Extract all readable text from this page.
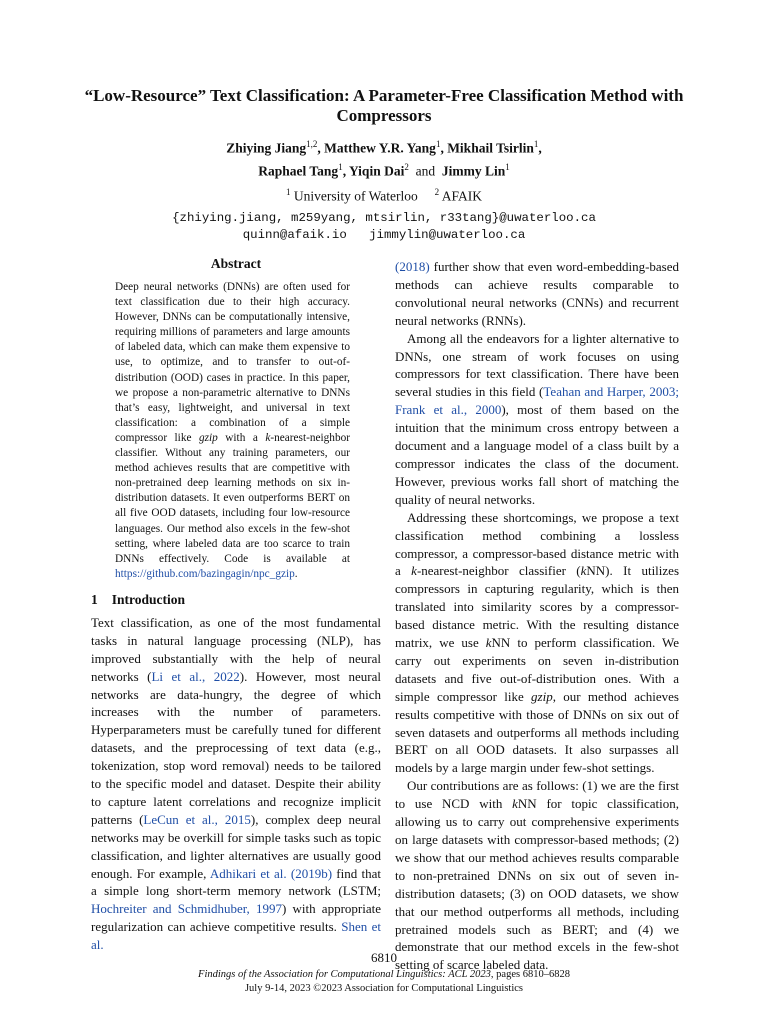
“Low-Resource” Text Classification: A Parameter-Free Classification Method with Compressors
Zhiying Jiang$^{1,2}$, Matthew Y.R. Yang$^1$, Mikhail Tsirlin$^1$,
Raphael Tang$^1$, Yiqin Dai$^2$ and Jimmy Lin$^1$
$^1$ University of Waterloo $^2$ AFAIK
{zhiying.jiang, m259yang, mtsirlin, r33tang}@uwaterloo.ca
quinn@afaik.io jimmylin@uwaterloo.ca
Abstract

Deep neural networks (DNNs) are often used for text classification due to their high accuracy. However, DNNs can be computationally intensive, requiring millions of parameters and large amounts of labeled data, which can make them expensive to use, to optimize, and to transfer to out-of-distribution (OOD) cases in practice. In this paper, we propose a non-parametric alternative to DNNs that’s easy, lightweight, and universal in text classification: a combination of a simple compressor like gzip with a k-nearest-neighbor classifier. Without any training parameters, our method achieves results that are competitive with non-pretrained deep learning methods on six in-distribution datasets. It even outperforms BERT on all five OOD datasets, including four low-resource languages. Our method also excels in the few-shot setting, where labeled data are too scarce to train DNNs effectively. Code is available at https://github.com/bazingagin/npc_gzip.

1 Introduction

Text classification, as one of the most fundamental tasks in natural language processing (NLP), has improved substantially with the help of neural networks (Li et al., 2022). However, most neural networks are data-hungry, the degree of which increases with the number of parameters. Hyperparameters must be carefully tuned for different datasets, and the preprocessing of text data (e.g., tokenization, stop word removal) needs to be tailored to the specific model and dataset. Despite their ability to capture latent correlations and recognize implicit patterns (LeCun et al., 2015), complex deep neural networks may be overkill for simple tasks such as topic classification, and lighter alternatives are usually good enough. For example, Adhikari et al. (2019b) find that a simple long short-term memory network (LSTM; Hochreiter and Schmidhuber, 1997) with appropriate regularization can achieve competitive results. Shen et al.

(2018) further show that even word-embedding-based methods can achieve results comparable to convolutional neural networks (CNNs) and recurrent neural networks (RNNs).

Among all the endeavors for a lighter alternative to DNNs, one stream of work focuses on using compressors for text classification. There have been several studies in this field (Teahan and Harper, 2003; Frank et al., 2000), most of them based on the intuition that the minimum cross entropy between a document and a language model of a class built by a compressor indicates the class of the document. However, previous works fall short of matching the quality of neural networks.

Addressing these shortcomings, we propose a text classification method combining a lossless compressor, a compressor-based distance metric with a k-nearest-neighbor classifier (kNN). It utilizes compressors in capturing regularity, which is then translated into similarity scores by a compressor-based distance metric. With the resulting distance matrix, we use kNN to perform classification. We carry out experiments on seven in-distribution datasets and five out-of-distribution ones. With a simple compressor like gzip, our method achieves results competitive with those of DNNs on six out of seven datasets and outperforms all methods including BERT on all OOD datasets. It also surpasses all models by a large margin under few-shot settings.

Our contributions are as follows: (1) we are the first to use NCD with kNN for topic classification, allowing us to carry out comprehensive experiments on large datasets with compressor-based methods; (2) we show that our method achieves results comparable to non-pretrained DNNs on six out of seven in-distribution datasets; (3) on OOD datasets, we show that our method outperforms all methods, including pretrained models such as BERT; and (4) we demonstrate that our method excels in the few-shot setting of scarce labeled data.

6810
Findings of the Association for Computational Linguistics: ACL 2023, pages 6810–6828
July 9-14, 2023 ©2023 Association for Computational Linguistics
